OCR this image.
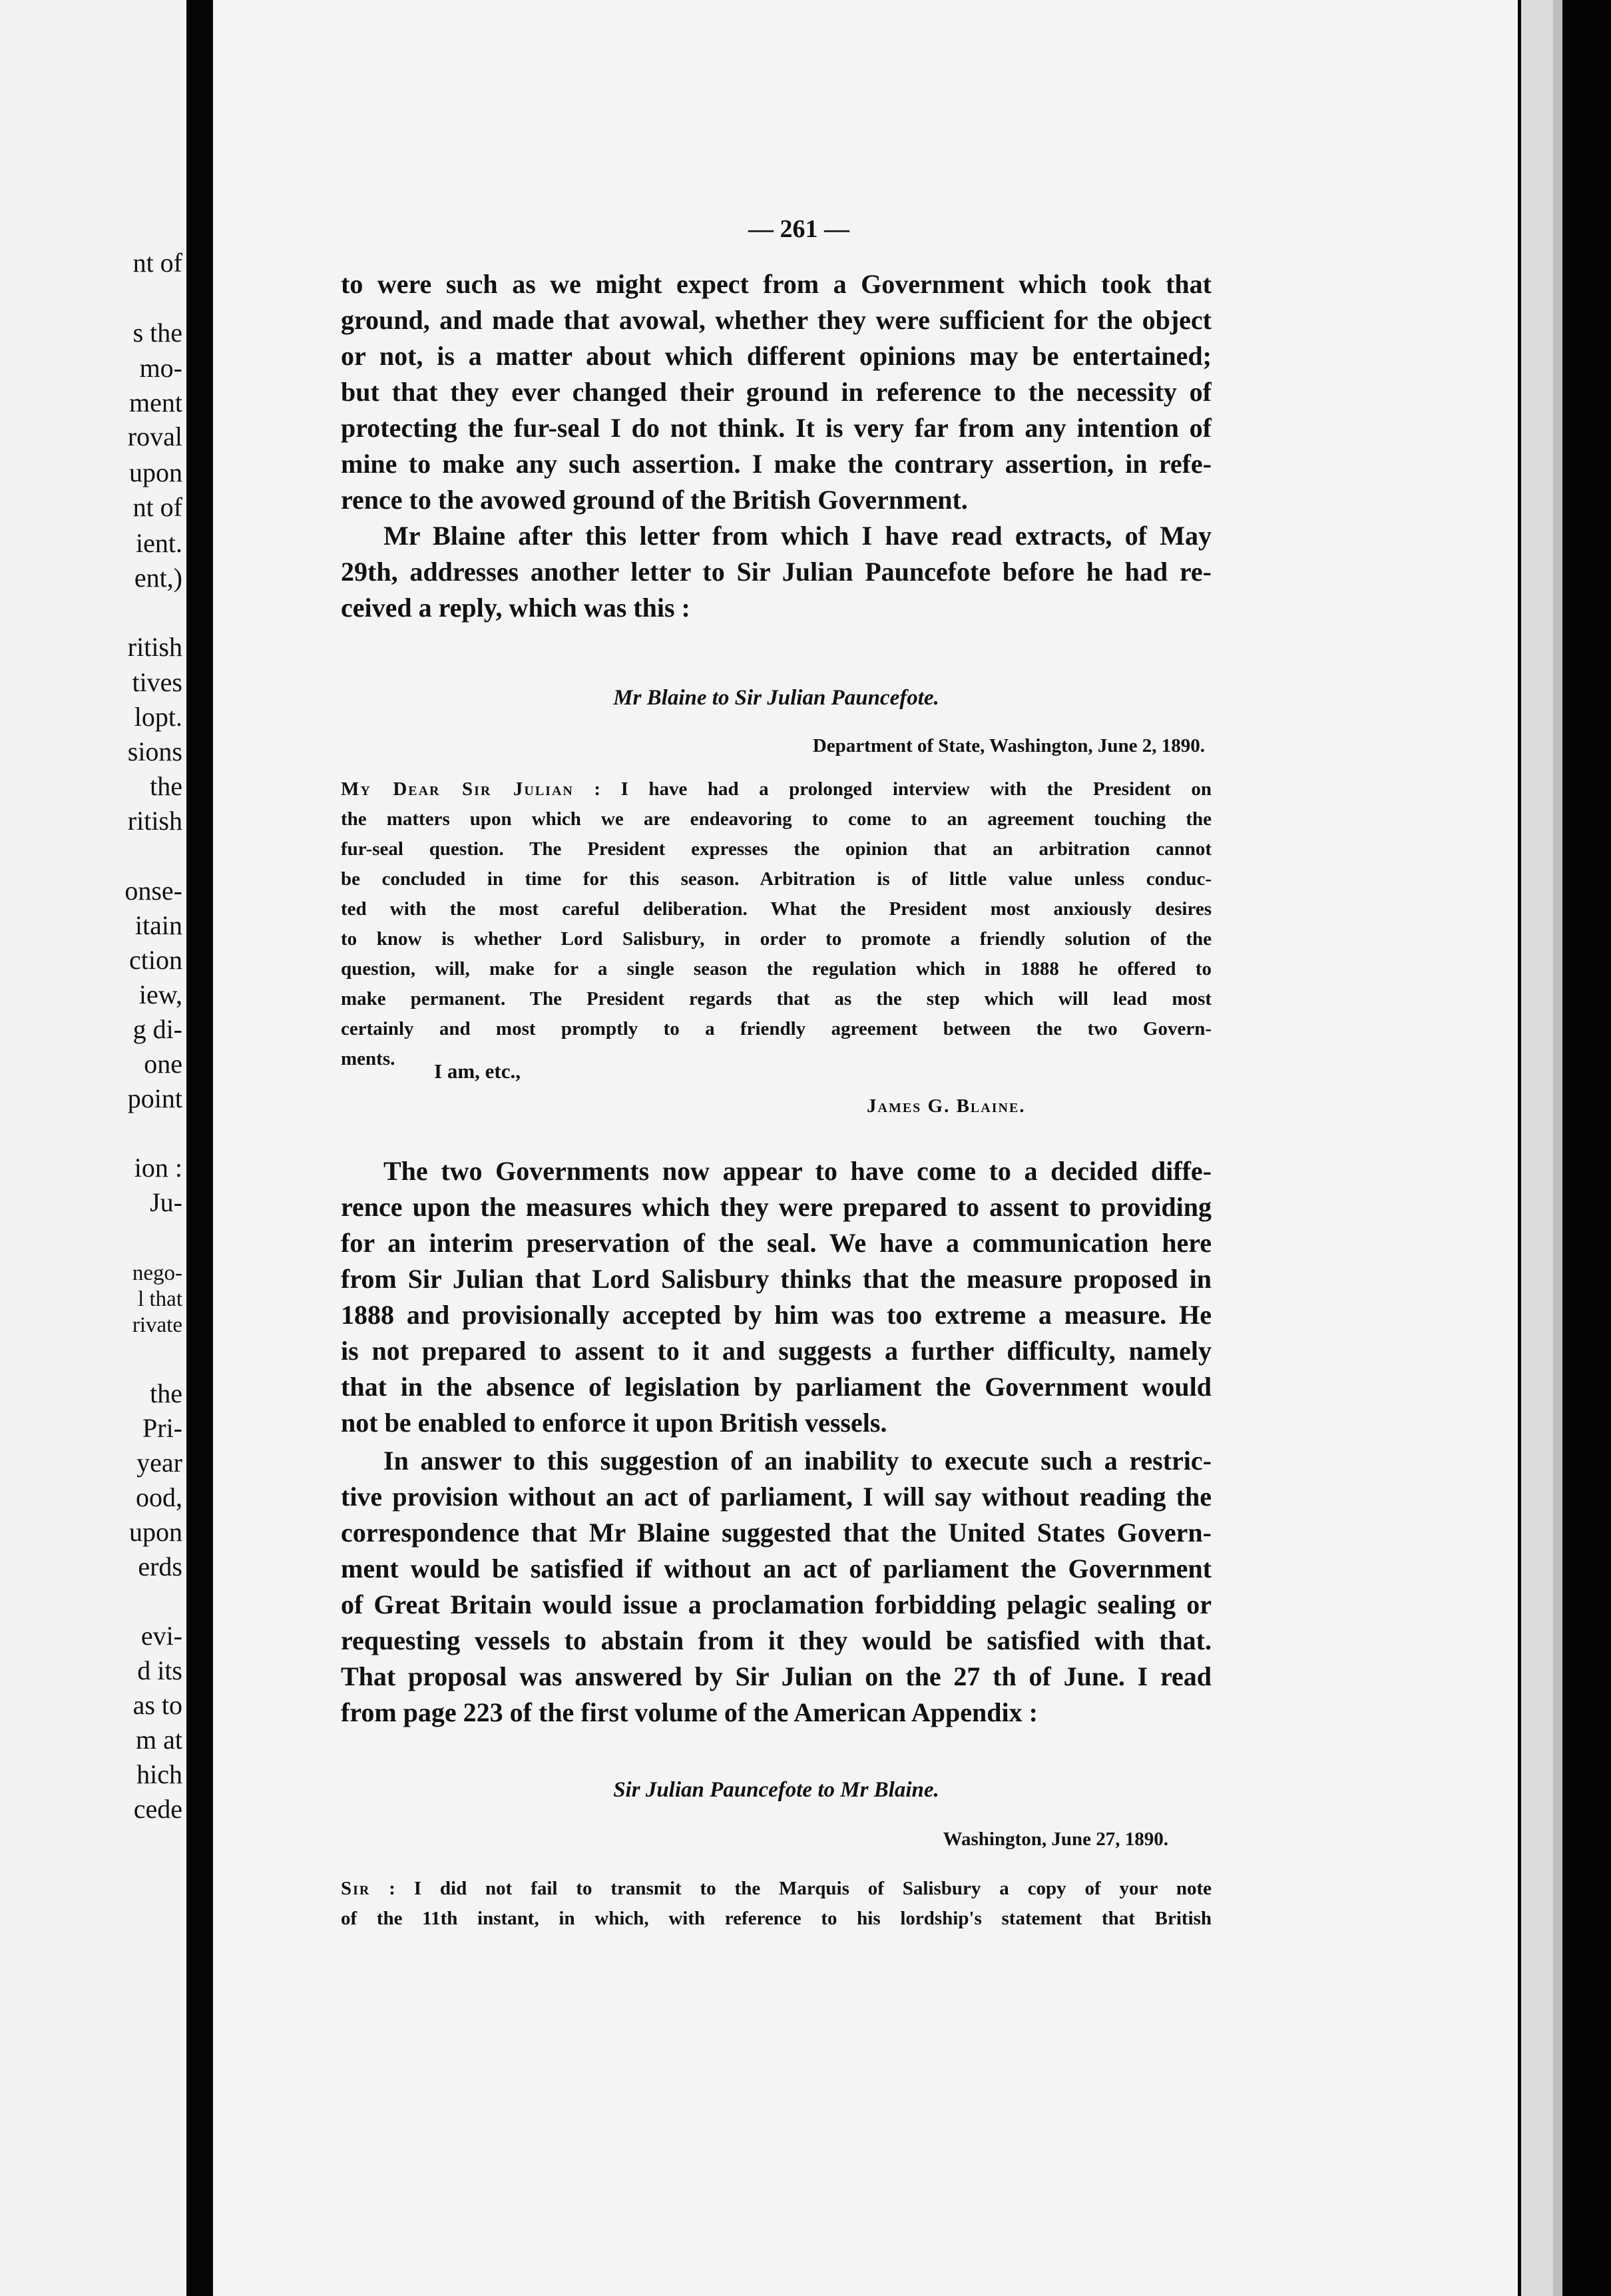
nt of
s the
mo-
ment
roval
upon
nt of
ient.
ent,)
ritish
tives
lopt.
sions
the
ritish
onse-
itain
ction
iew,
g di-
one
point
ion :
Ju-
nego-
l that
rivate
the
Pri-
year
ood,
upon
erds
evi-
d its
as to
m at
hich
cede
— 261 —
to were such as we might expect from a Government which took that
ground, and made that avowal, whether they were sufficient for the object
or not, is a matter about which different opinions may be entertained;
but that they ever changed their ground in reference to the necessity of
protecting the fur-seal I do not think. It is very far from any intention of
mine to make any such assertion. I make the contrary assertion, in refe-
rence to the avowed ground of the British Government.
Mr Blaine after this letter from which I have read extracts, of May
29th, addresses another letter to Sir Julian Pauncefote before he had re-
ceived a reply, which was this :
Mr Blaine to Sir Julian Pauncefote.
Department of State, Washington, June 2, 1890.
My Dear Sir Julian : I have had a prolonged interview with the President on
the matters upon which we are endeavoring to come to an agreement touching the
fur-seal question. The President expresses the opinion that an arbitration cannot
be concluded in time for this season. Arbitration is of little value unless conduc-
ted with the most careful deliberation. What the President most anxiously desires
to know is whether Lord Salisbury, in order to promote a friendly solution of the
question, will, make for a single season the regulation which in 1888 he offered to
make permanent. The President regards that as the step which will lead most
certainly and most promptly to a friendly agreement between the two Govern-
ments.
I am, etc.,
James G. Blaine.
The two Governments now appear to have come to a decided diffe-
rence upon the measures which they were prepared to assent to providing
for an interim preservation of the seal. We have a communication here
from Sir Julian that Lord Salisbury thinks that the measure proposed in
1888 and provisionally accepted by him was too extreme a measure. He
is not prepared to assent to it and suggests a further difficulty, namely
that in the absence of legislation by parliament the Government would
not be enabled to enforce it upon British vessels.
In answer to this suggestion of an inability to execute such a restric-
tive provision without an act of parliament, I will say without reading the
correspondence that Mr Blaine suggested that the United States Govern-
ment would be satisfied if without an act of parliament the Government
of Great Britain would issue a proclamation forbidding pelagic sealing or
requesting vessels to abstain from it they would be satisfied with that.
That proposal was answered by Sir Julian on the 27 th of June. I read
from page 223 of the first volume of the American Appendix :
Sir Julian Pauncefote to Mr Blaine.
Washington, June 27, 1890.
Sir : I did not fail to transmit to the Marquis of Salisbury a copy of your note
of the 11th instant, in which, with reference to his lordship's statement that British
